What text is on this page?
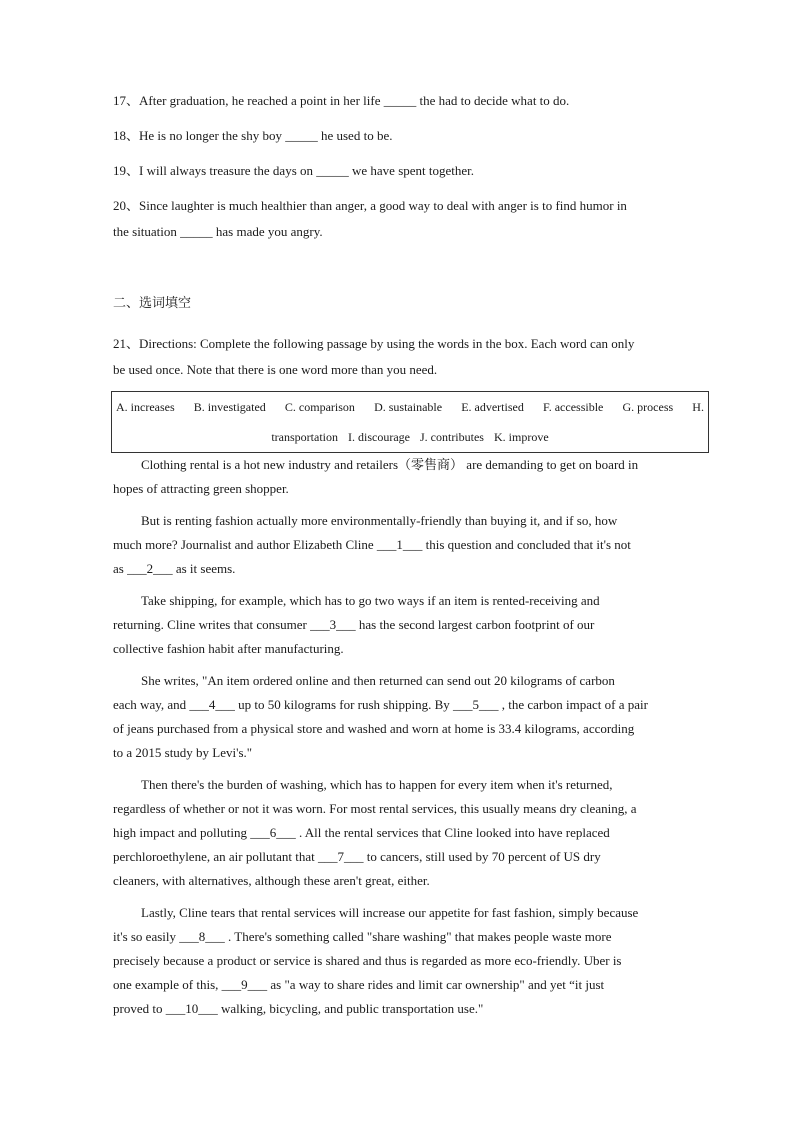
17、After graduation, he reached a point in her life _____ the had to decide what to do.
18、He is no longer the shy boy _____ he used to be.
19、I will always treasure the days on _____ we have spent together.
20、Since laughter is much healthier than anger, a good way to deal with anger is to find humor in
the situation _____ has made you angry.
二、选词填空
21、Directions: Complete the following passage by using the words in the box. Each word can only
be used once. Note that there is one word more than you need.
A. increases B. investigated C. comparison D. sustainable E. advertised F. accessible G. process H.
transportation I. discourage J. contributes K. improve
Clothing rental is a hot new industry and retailers（零售商） are demanding to get on board in
hopes of attracting green shopper.
But is renting fashion actually more environmentally-friendly than buying it, and if so, how
much more? Journalist and author Elizabeth Cline ___1___ this question and concluded that it's not
as ___2___ as it seems.
Take shipping, for example, which has to go two ways if an item is rented-receiving and
returning. Cline writes that consumer ___3___ has the second largest carbon footprint of our
collective fashion habit after manufacturing.
She writes, "An item ordered online and then returned can send out 20 kilograms of carbon
each way, and ___4___ up to 50 kilograms for rush shipping. By ___5___ , the carbon impact of a pair
of jeans purchased from a physical store and washed and worn at home is 33.4 kilograms, according
to a 2015 study by Levi's."
Then there's the burden of washing, which has to happen for every item when it's returned,
regardless of whether or not it was worn. For most rental services, this usually means dry cleaning, a
high impact and polluting ___6___ . All the rental services that Cline looked into have replaced
perchloroethylene, an air pollutant that ___7___ to cancers, still used by 70 percent of US dry
cleaners, with alternatives, although these aren't great, either.
Lastly, Cline tears that rental services will increase our appetite for fast fashion, simply because
it's so easily ___8___ . There's something called "share washing" that makes people waste more
precisely because a product or service is shared and thus is regarded as more eco-friendly. Uber is
one example of this, ___9___ as "a way to share rides and limit car ownership" and yet “it just
proved to ___10___ walking, bicycling, and public transportation use."
